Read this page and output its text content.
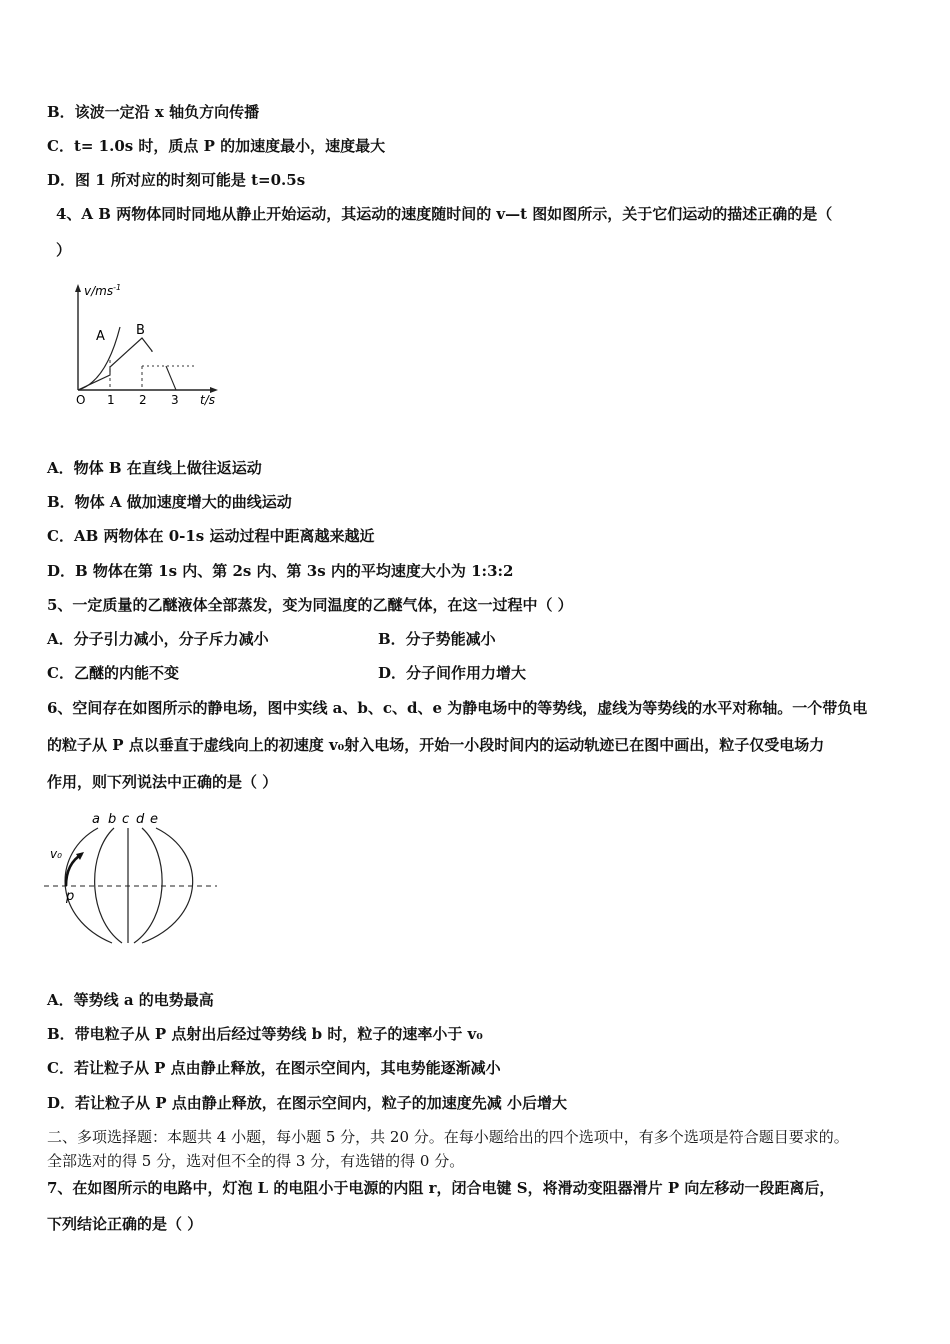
B．该波一定沿 x 轴负方向传播
C．t= 1.0s 时，质点 P 的加速度最小，速度最大
D．图 1 所对应的时刻可能是 t=0.5s
4、A B 两物体同时同地从静止开始运动，其运动的速度随时间的 v—t 图如图所示，关于它们运动的描述正确的是（
）
$v/ms^{-1}$
A B
O 1 2 3 t/s
A．物体 B 在直线上做往返运动
B．物体 A 做加速度增大的曲线运动
C．AB 两物体在 0-1s 运动过程中距离越来越近
D．B 物体在第 1s 内、第 2s 内、第 3s 内的平均速度大小为 1:3:2
5、一定质量的乙醚液体全部蒸发，变为同温度的乙醚气体，在这一过程中（ ）
A．分子引力减小，分子斥力减小	B．分子势能减小
C．乙醚的内能不变	D．分子间作用力增大
6、空间存在如图所示的静电场，图中实线 a、b、c、d、e 为静电场中的等势线，虚线为等势线的水平对称轴。一个带负电
的粒子从 P 点以垂直于虚线向上的初速度 v₀射入电场，开始一小段时间内的运动轨迹已在图中画出，粒子仅受电场力
作用，则下列说法中正确的是（ ）
a b c d e
v₀
p
A．等势线 a 的电势最高
B．带电粒子从 P 点射出后经过等势线 b 时，粒子的速率小于 v₀
C．若让粒子从 P 点由静止释放，在图示空间内，其电势能逐渐减小
D．若让粒子从 P 点由静止释放，在图示空间内，粒子的加速度先减 小后增大
二、多项选择题：本题共 4 小题，每小题 5 分，共 20 分。在每小题给出的四个选项中，有多个选项是符合题目要求的。
全部选对的得 5 分，选对但不全的得 3 分，有选错的得 0 分。
7、在如图所示的电路中，灯泡 L 的电阻小于电源的内阻 r，闭合电键 S，将滑动变阻器滑片 P 向左移动一段距离后，
下列结论正确的是（ ）
